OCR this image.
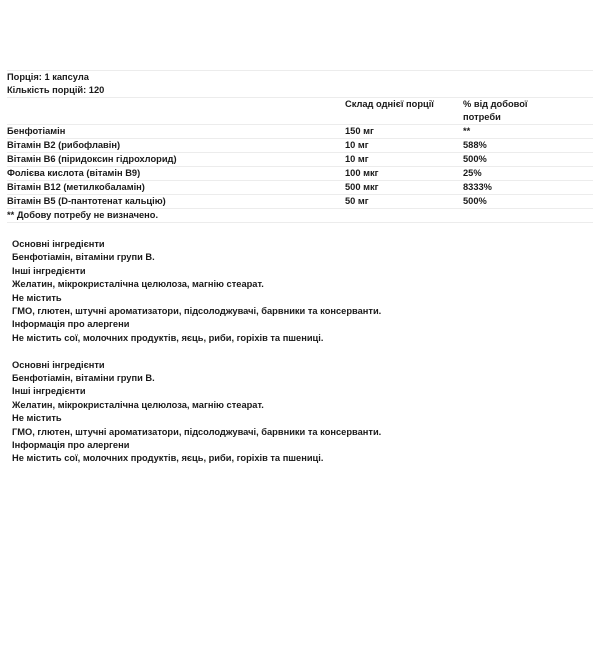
Порція: 1 капсула		
Кількість порцій: 120		

	Склад однієї порції	% від добової потреби

Бенфотіамін	150 мг	**
Вітамін B2 (рибофлавін)	10 мг	588%
Вітамін B6 (піридоксин гідрохлорид)	10 мг	500%
Фолієва кислота (вітамін B9)	100 мкг	25%
Вітамін B12 (метилкобаламін)	500 мкг	8333%
Вітамін B5 (D-пантотенат кальцію)	50 мг	500%
** Добову потребу не визначено.		
Основні інгредієнти
Бенфотіамін, вітаміни групи B.
Інші інгредієнти
Желатин, мікрокристалічна целюлоза, магнію стеарат.
Не містить
ГМО, глютен, штучні ароматизатори, підсолоджувачі, барвники та консерванти.
Інформація про алергени
Не містить сої, молочних продуктів, яєць, риби, горіхів та пшениці.
Основні інгредієнти
Бенфотіамін, вітаміни групи B.
Інші інгредієнти
Желатин, мікрокристалічна целюлоза, магнію стеарат.
Не містить
ГМО, глютен, штучні ароматизатори, підсолоджувачі, барвники та консерванти.
Інформація про алергени
Не містить сої, молочних продуктів, яєць, риби, горіхів та пшениці.
